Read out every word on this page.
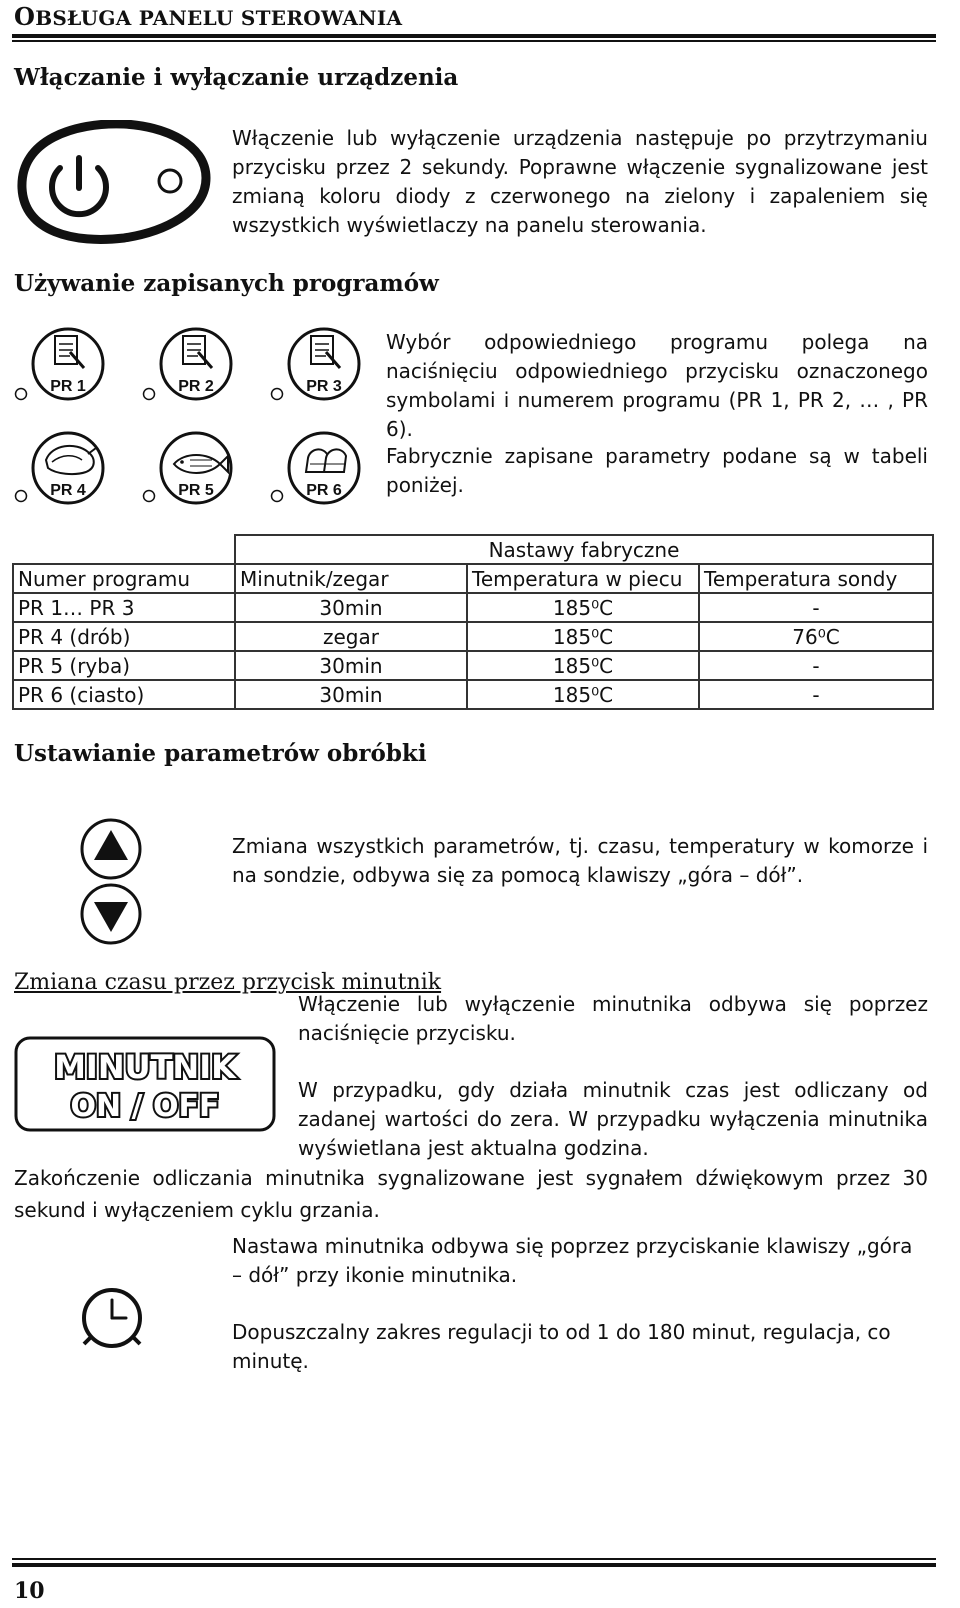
OBSŁUGA PANELU STEROWANIA
Włączanie i wyłączanie urządzenia
Włączenie lub wyłączenie urządzenia następuje po przytrzymaniu przycisku przez 2 sekundy. Poprawne włączenie sygnalizowane jest zmianą koloru diody z czerwonego na zielony i zapaleniem się wszystkich wyświetlaczy na panelu sterowania.
Używanie zapisanych programów
PR 1	PR 2	PR 3
PR 4	PR 5	PR 6
Wybór odpowiedniego programu polega na naciśnięciu odpowiedniego przycisku oznaczonego symbolami i numerem programu (PR 1, PR 2, … , PR 6).
Fabrycznie zapisane parametry podane są w tabeli poniżej.
	Nastawy fabryczne		
Numer programu	Minutnik/zegar	Temperatura w piecu	Temperatura sondy
PR 1… PR 3	30min	185⁰C	-
PR 4 (drób)	zegar	185⁰C	76⁰C
PR 5 (ryba)	30min	185⁰C	-
PR 6 (ciasto)	30min	185⁰C	-
Ustawianie parametrów obróbki
Zmiana wszystkich parametrów, tj. czasu, temperatury w komorze i na sondzie, odbywa się za pomocą klawiszy „góra – dół”.
Zmiana czasu przez przycisk minutnik
MINUTNIK
ON / OFF
Włączenie lub wyłączenie minutnika odbywa się poprzez naciśnięcie przycisku.
W przypadku, gdy działa minutnik czas jest odliczany od zadanej wartości do zera. W przypadku wyłączenia minutnika wyświetlana jest aktualna godzina.
Zakończenie odliczania minutnika sygnalizowane jest sygnałem dźwiękowym przez 30 sekund i wyłączeniem cyklu grzania.
Nastawa minutnika odbywa się poprzez przyciskanie klawiszy „góra – dół” przy ikonie minutnika.
Dopuszczalny zakres regulacji to od 1 do 180 minut, regulacja, co minutę.
10
